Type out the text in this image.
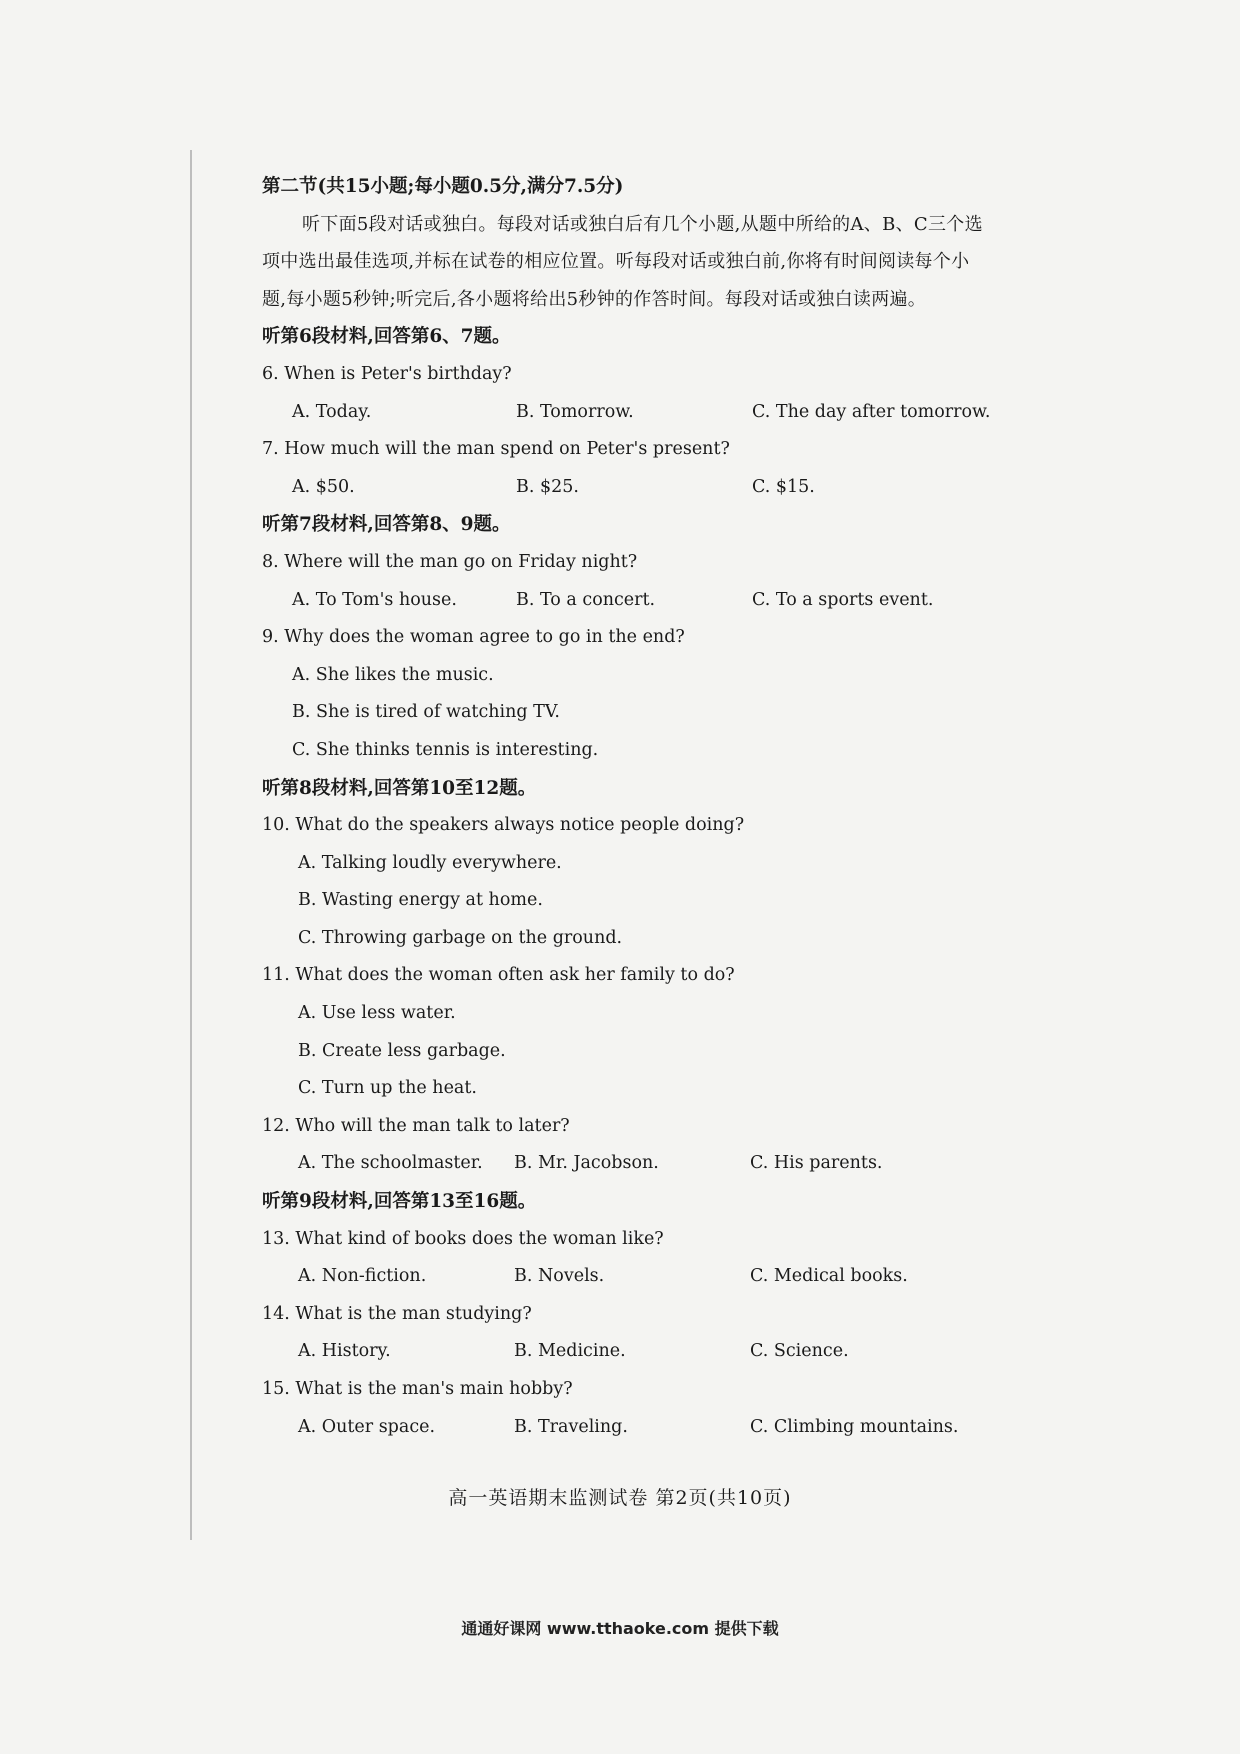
第二节(共15小题;每小题0.5分,满分7.5分)
听下面5段对话或独白。每段对话或独白后有几个小题,从题中所给的A、B、C三个选
项中选出最佳选项,并标在试卷的相应位置。听每段对话或独白前,你将有时间阅读每个小
题,每小题5秒钟;听完后,各小题将给出5秒钟的作答时间。每段对话或独白读两遍。
听第6段材料,回答第6、7题。
6. When is Peter's birthday?
A. Today.	B. Tomorrow.	C. The day after tomorrow.
7. How much will the man spend on Peter's present?
A. $50.	B. $25.	C. $15.
听第7段材料,回答第8、9题。
8. Where will the man go on Friday night?
A. To Tom's house.	B. To a concert.	C. To a sports event.
9. Why does the woman agree to go in the end?
A. She likes the music.
B. She is tired of watching TV.
C. She thinks tennis is interesting.
听第8段材料,回答第10至12题。
10. What do the speakers always notice people doing?
A. Talking loudly everywhere.
B. Wasting energy at home.
C. Throwing garbage on the ground.
11. What does the woman often ask her family to do?
A. Use less water.
B. Create less garbage.
C. Turn up the heat.
12. Who will the man talk to later?
A. The schoolmaster. B. Mr. Jacobson.	C. His parents.
听第9段材料,回答第13至16题。
13. What kind of books does the woman like?
A. Non-fiction.	B. Novels.	C. Medical books.
14. What is the man studying?
A. History.	B. Medicine.	C. Science.
15. What is the man's main hobby?
A. Outer space.	B. Traveling.	C. Climbing mountains.
高一英语期末监测试卷 第2页(共10页)
通通好课网 www.tthaoke.com 提供下载
